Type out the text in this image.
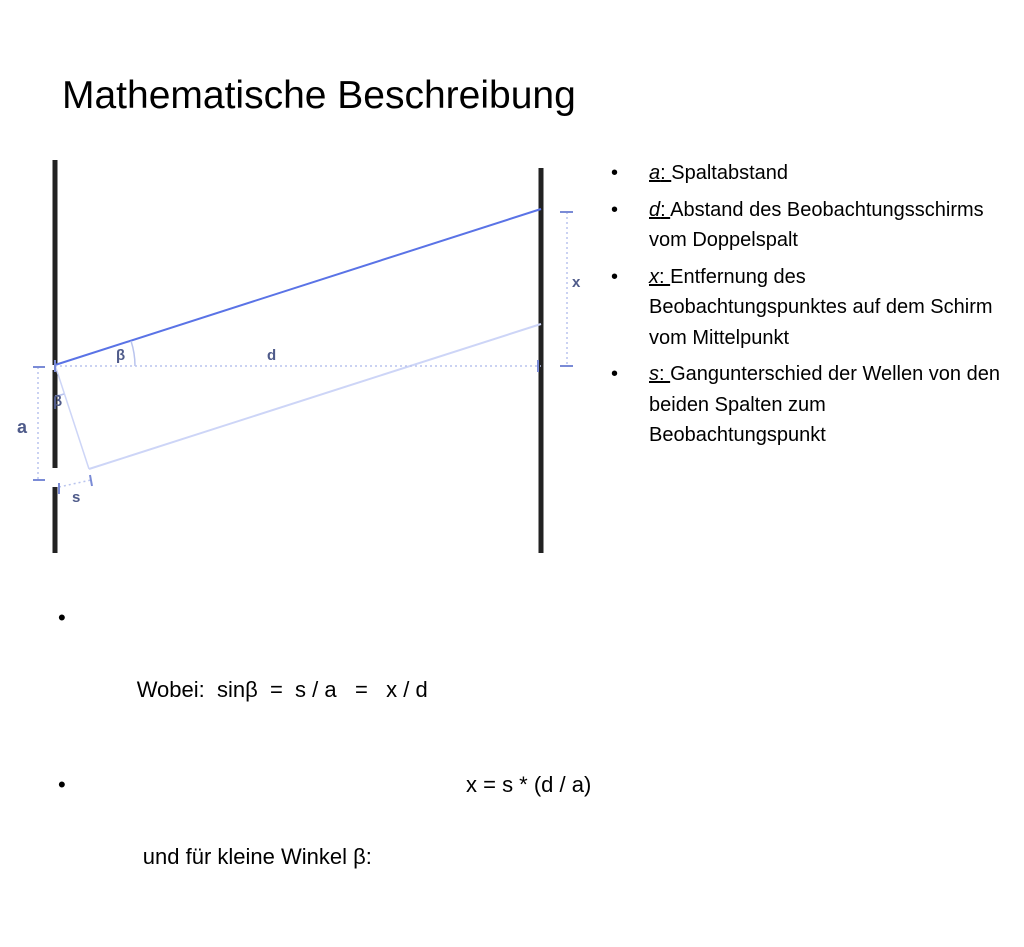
Mathematische Beschreibung
β	d
x
β
a
s
• a: Spaltabstand
• d: Abstand des Beobachtungsschirms vom Doppelspalt
• x: Entfernung des Beobachtungspunktes auf dem Schirm vom Mittelpunkt
• s: Gangunterschied der Wellen von den beiden Spalten zum Beobachtungspunkt

•

Wobei:  sinβ  =  s / a   =   x / d

•

und für kleine Winkel β:

x = s * (d / a)
